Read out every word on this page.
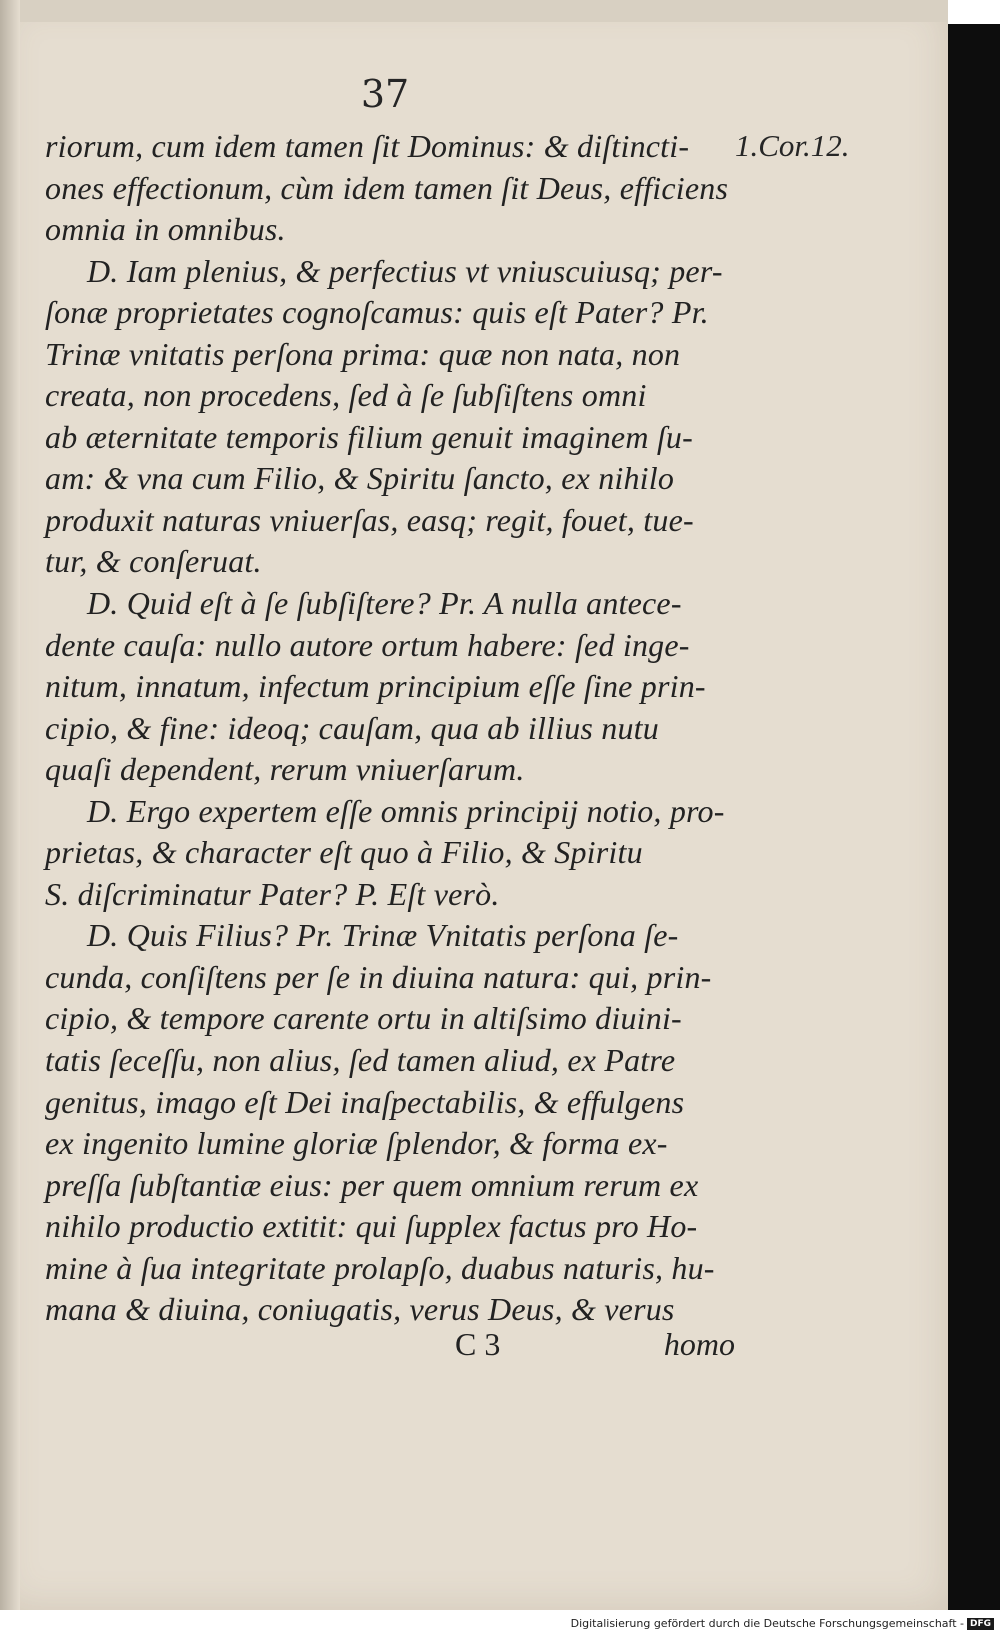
37

1.Cor.12.

riorum, cum idem tamen ſit Dominus: & diſtincti-
ones effectionum, cùm idem tamen ſit Deus, efficiens
omnia in omnibus.
D. Iam plenius, & perfectius vt vniuscuiusq; per-
ſonæ proprietates cognoſcamus: quis eſt Pater? Pr.
Trinæ vnitatis perſona prima: quæ non nata, non
creata, non procedens, ſed à ſe ſubſiſtens omni
ab æternitate temporis filium genuit imaginem ſu-
am: & vna cum Filio, & Spiritu ſancto, ex nihilo
produxit naturas vniuerſas, easq; regit, fouet, tue-
tur, & conſeruat.
D. Quid eſt à ſe ſubſiſtere? Pr. A nulla antece-
dente cauſa: nullo autore ortum habere: ſed inge-
nitum, innatum, infectum principium eſſe ſine prin-
cipio, & fine: ideoq; cauſam, qua ab illius nutu
quaſi dependent, rerum vniuerſarum.
D. Ergo expertem eſſe omnis principij notio, pro-
prietas, & character eſt quo à Filio, & Spiritu
S. diſcriminatur Pater? P. Eſt verò.
D. Quis Filius? Pr. Trinæ Vnitatis perſona ſe-
cunda, conſiſtens per ſe in diuina natura: qui, prin-
cipio, & tempore carente ortu in altiſsimo diuini-
tatis ſeceſſu, non alius, ſed tamen aliud, ex Patre
genitus, imago eſt Dei inaſpectabilis, & effulgens
ex ingenito lumine gloriæ ſplendor, & forma ex-
preſſa ſubſtantiæ eius: per quem omnium rerum ex
nihilo productio extitit: qui ſupplex factus pro Ho-
mine à ſua integritate prolapſo, duabus naturis, hu-
mana & diuina, coniugatis, verus Deus, & verus

C 3	homo

Digitalisierung gefördert durch die Deutsche Forschungsgemeinschaft - DFG
